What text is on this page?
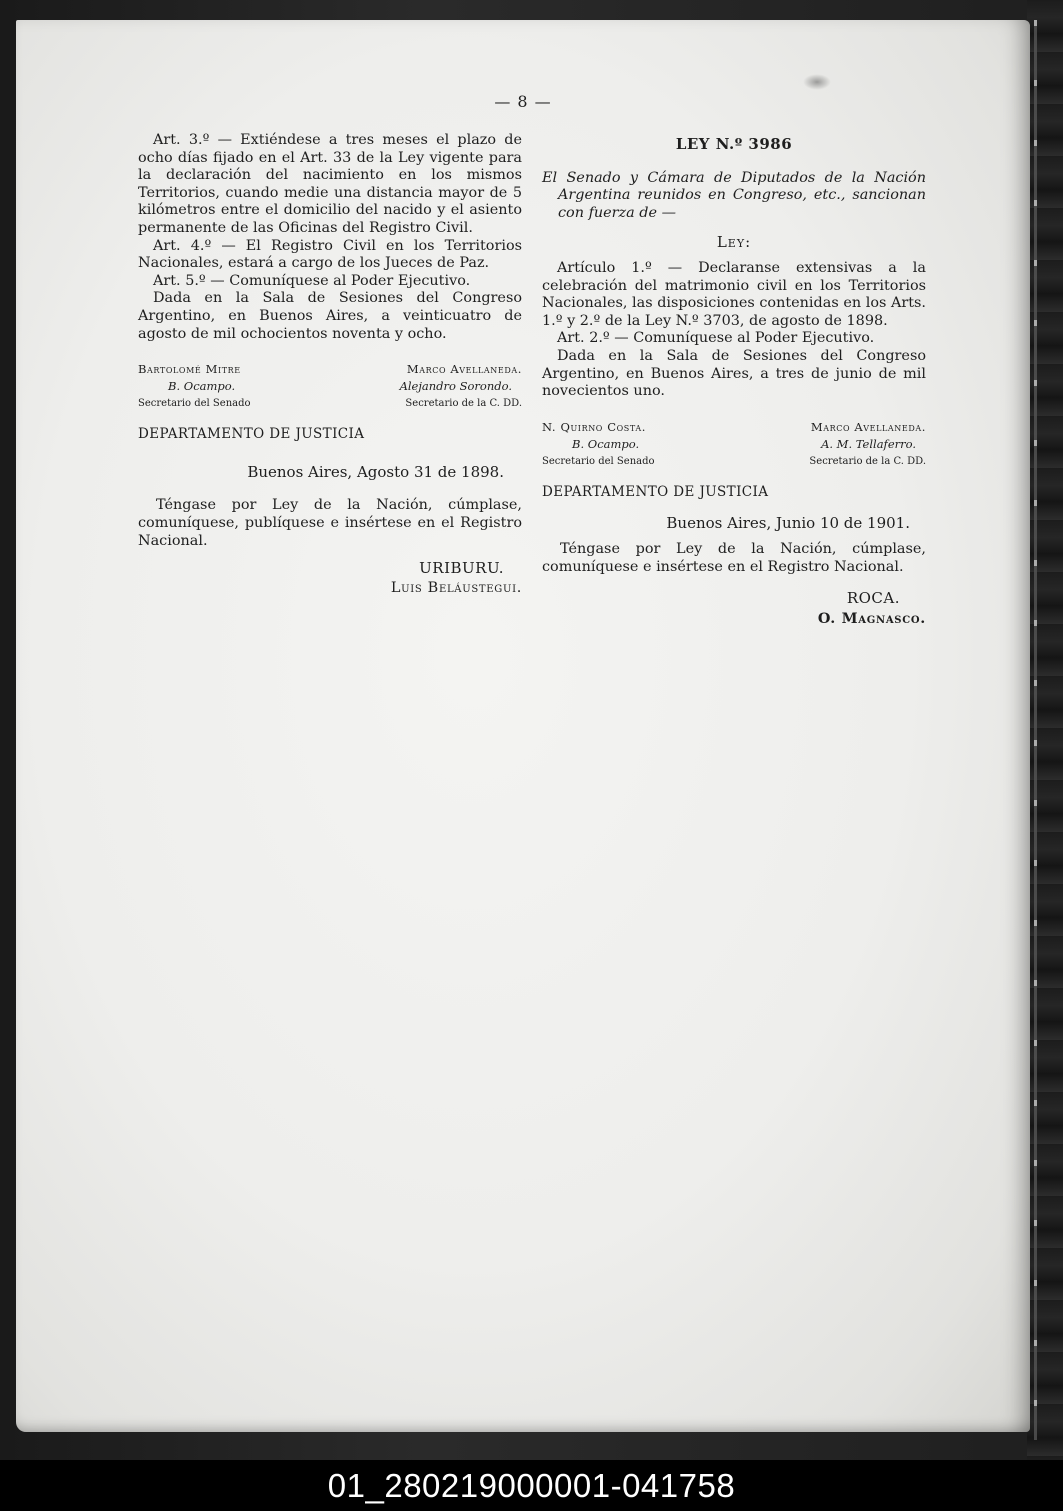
— 8 —

Art. 3.º — Extiéndese a tres meses el plazo de ocho días fijado en el Art. 33 de la Ley vigente para la declaración del nacimiento en los mismos Territorios, cuando medie una distancia mayor de 5 kilómetros entre el domicilio del nacido y el asiento permanente de las Oficinas del Registro Civil.

Art. 4.º — El Registro Civil en los Territorios Nacionales, estará a cargo de los Jueces de Paz.

Art. 5.º — Comuníquese al Poder Ejecutivo.

Dada en la Sala de Sesiones del Congreso Argentino, en Buenos Aires, a veinticuatro de agosto de mil ochocientos noventa y ocho.

Bartolomé Mitre
B. Ocampo.
Secretario del Senado
Marco Avellaneda.
Alejandro Sorondo.
Secretario de la C. DD.
DEPARTAMENTO DE JUSTICIA
Buenos Aires, Agosto 31 de 1898.

Téngase por Ley de la Nación, cúmplase, comuníquese, publíquese e insértese en el Registro Nacional.

URIBURU.
Luis Beláustegui.
LEY N.º 3986

El Senado y Cámara de Diputados de la Nación Argentina reunidos en Congreso, etc., sancionan con fuerza de —

Ley:

Artículo 1.º — Declaranse extensivas a la celebración del matrimonio civil en los Territorios Nacionales, las disposiciones contenidas en los Arts. 1.º y 2.º de la Ley N.º 3703, de agosto de 1898.

Art. 2.º — Comuníquese al Poder Ejecutivo.

Dada en la Sala de Sesiones del Congreso Argentino, en Buenos Aires, a tres de junio de mil novecientos uno.

N. Quirno Costa.
B. Ocampo.
Secretario del Senado
Marco Avellaneda.
A. M. Tellaferro.
Secretario de la C. DD.
DEPARTAMENTO DE JUSTICIA
Buenos Aires, Junio 10 de 1901.

Téngase por Ley de la Nación, cúmplase, comuníquese e insértese en el Registro Nacional.

ROCA.
O. Magnasco.
01_280219000001-041758
